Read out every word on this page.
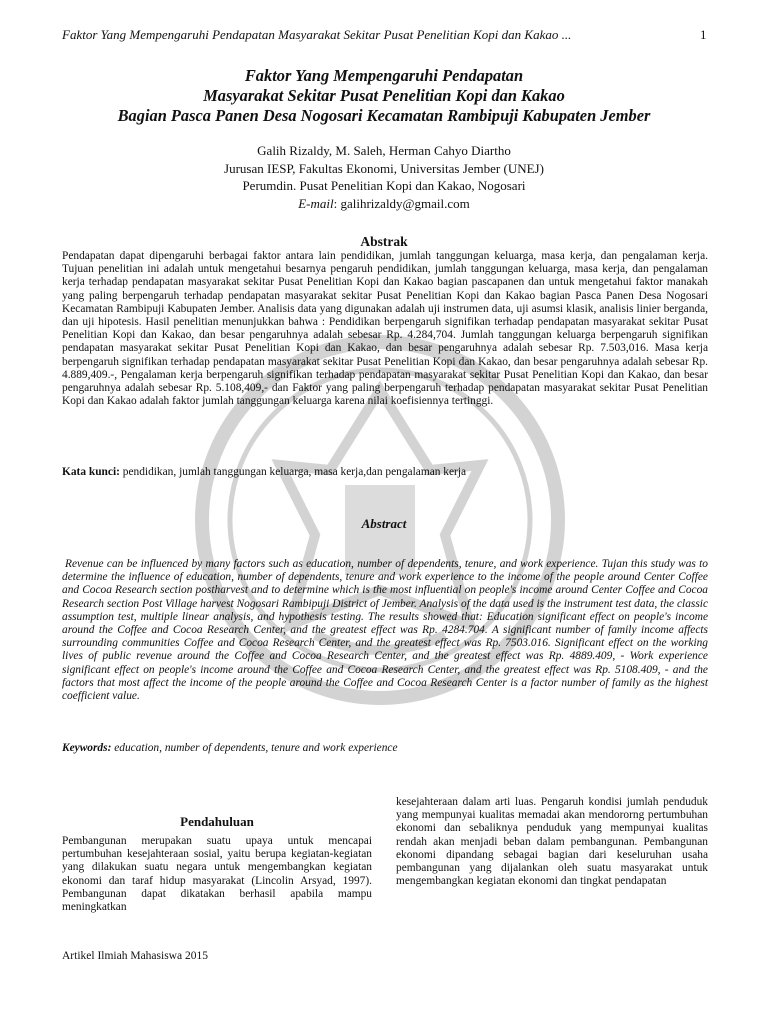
Faktor Yang Mempengaruhi Pendapatan Masyarakat Sekitar Pusat Penelitian Kopi dan Kakao ...	1
Faktor Yang Mempengaruhi Pendapatan
Masyarakat Sekitar Pusat Penelitian Kopi dan Kakao
Bagian Pasca Panen Desa Nogosari Kecamatan Rambipuji Kabupaten Jember
Galih Rizaldy, M. Saleh, Herman Cahyo Diartho
Jurusan IESP, Fakultas Ekonomi, Universitas Jember (UNEJ)
Perumdin. Pusat Penelitian Kopi dan Kakao, Nogosari
E-mail: galihrizaldy@gmail.com
Abstrak
Pendapatan dapat dipengaruhi berbagai faktor antara lain pendidikan, jumlah tanggungan keluarga, masa kerja, dan pengalaman kerja. Tujuan penelitian ini adalah untuk mengetahui besarnya pengaruh pendidikan, jumlah tanggungan keluarga, masa kerja, dan pengalaman kerja terhadap pendapatan masyarakat sekitar Pusat Penelitian Kopi dan Kakao bagian pascapanen dan untuk mengetahui faktor manakah yang paling berpengaruh terhadap pendapatan masyarakat sekitar Pusat Penelitian Kopi dan Kakao bagian Pasca Panen Desa Nogosari Kecamatan Rambipuji Kabupaten Jember. Analisis data yang digunakan adalah uji instrumen data, uji asumsi klasik, analisis linier berganda, dan uji hipotesis. Hasil penelitian menunjukkan bahwa : Pendidikan berpengaruh signifikan terhadap pendapatan masyarakat sekitar Pusat Penelitian Kopi dan Kakao, dan besar pengaruhnya adalah sebesar Rp. 4.284,704. Jumlah tanggungan keluarga berpengaruh signifikan pendapatan masyarakat sekitar Pusat Penelitian Kopi dan Kakao, dan besar pengaruhnya adalah sebesar Rp. 7.503,016. Masa kerja berpengaruh signifikan terhadap pendapatan masyarakat sekitar Pusat Penelitian Kopi dan Kakao, dan besar pengaruhnya adalah sebesar Rp. 4.889,409.-, Pengalaman kerja berpengaruh signifikan terhadap pendapatan masyarakat sekitar Pusat Penelitian Kopi dan Kakao, dan besar pengaruhnya adalah sebesar Rp. 5.108,409,- dan Faktor yang paling berpengaruh terhadap pendapatan masyarakat sekitar Pusat Penelitian Kopi dan Kakao adalah faktor jumlah tanggungan keluarga karena nilai koefisiennya tertinggi.
Kata kunci: pendidikan, jumlah tanggungan keluarga, masa kerja,dan pengalaman kerja
Abstract
Revenue can be influenced by many factors such as education, number of dependents, tenure, and work experience. Tujan this study was to determine the influence of education, number of dependents, tenure and work experience to the income of the people around Center Coffee and Cocoa Research section postharvest and to determine which is the most influential on people's income around Center Coffee and Cocoa Research section Post Village harvest Nogosari Rambipuji District of Jember. Analysis of the data used is the instrument test data, the classic assumption test, multiple linear analysis, and hypothesis testing. The results showed that: Education significant effect on people's income around the Coffee and Cocoa Research Center, and the greatest effect was Rp. 4284.704. A significant number of family income affects surrounding communities Coffee and Cocoa Research Center, and the greatest effect was Rp. 7503.016. Significant effect on the working lives of public revenue around the Coffee and Cocoa Research Center, and the greatest effect was Rp. 4889.409, - Work experience significant effect on people's income around the Coffee and Cocoa Research Center, and the greatest effect was Rp. 5108.409, - and the factors that most affect the income of the people around the Coffee and Cocoa Research Center is a factor number of family as the highest coefficient value.
Keywords: education, number of dependents, tenure and work experience
Pendahuluan
Pembangunan merupakan suatu upaya untuk mencapai pertumbuhan kesejahteraan sosial, yaitu berupa kegiatan-kegiatan yang dilakukan suatu negara untuk mengembangkan kegiatan ekonomi dan taraf hidup masyarakat (Lincolin Arsyad, 1997). Pembangunan dapat dikatakan berhasil apabila mampu meningkatkan
kesejahteraan dalam arti luas. Pengaruh kondisi jumlah penduduk yang mempunyai kualitas memadai akan mendororng pertumbuhan ekonomi dan sebaliknya penduduk yang mempunyai kualitas rendah akan menjadi beban dalam pembangunan. Pembangunan ekonomi dipandang sebagai bagian dari keseluruhan usaha pembangunan yang dijalankan oleh suatu masyarakat untuk mengembangkan kegiatan ekonomi dan tingkat pendapatan
Artikel Ilmiah Mahasiswa 2015
